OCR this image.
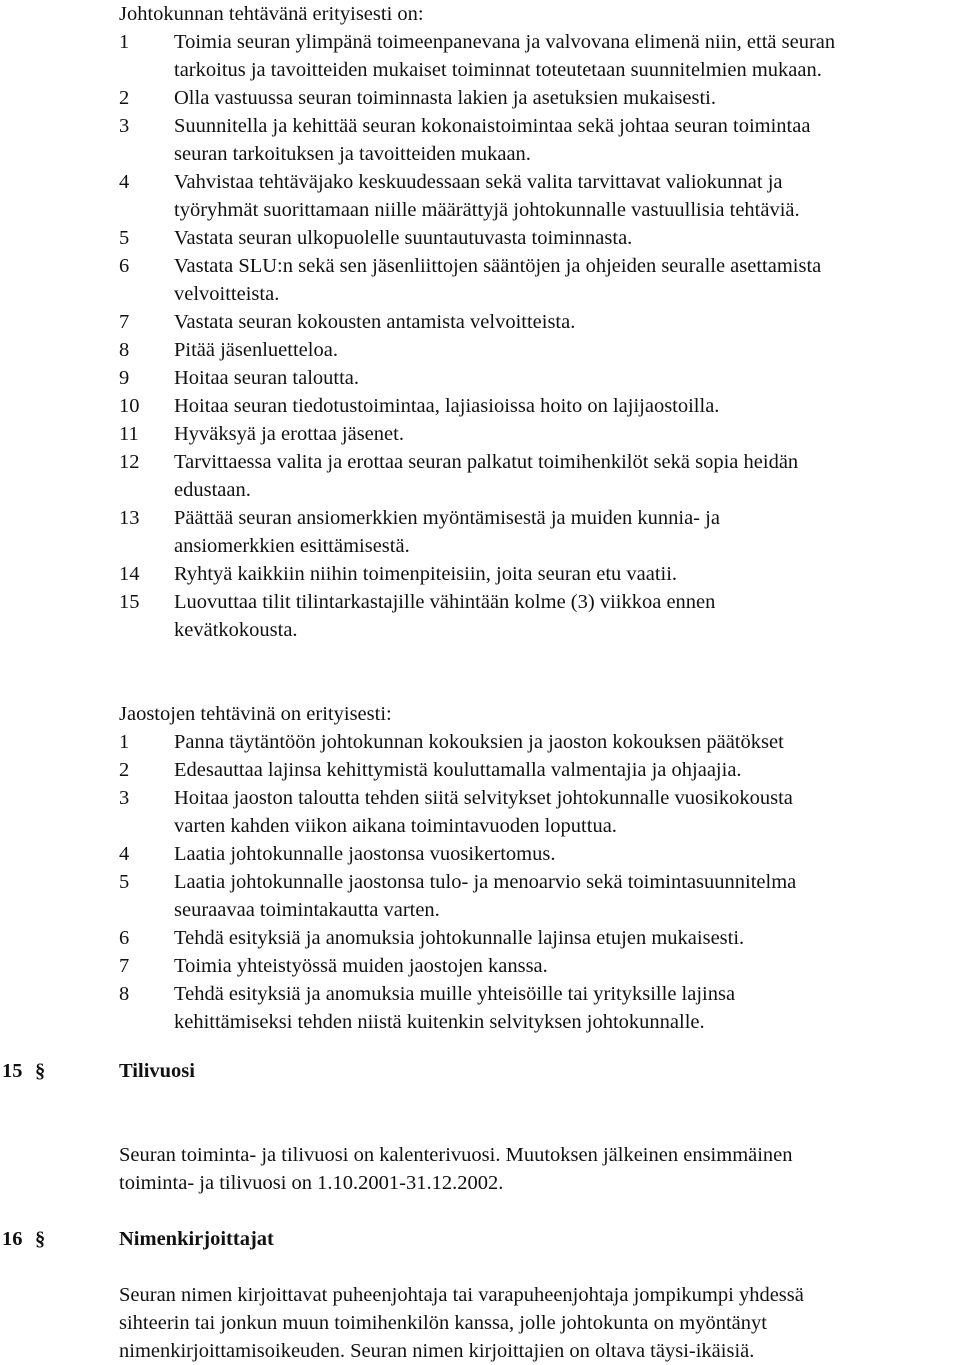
Johtokunnan tehtävänä erityisesti on:

1	Toimia seuran ylimpänä toimeenpanevana ja valvovana elimenä niin, että seuran
tarkoitus ja tavoitteiden mukaiset toiminnat toteutetaan suunnitelmien mukaan.
2	Olla vastuussa seuran toiminnasta lakien ja asetuksien mukaisesti.
3	Suunnitella ja kehittää seuran kokonaistoimintaa sekä johtaa seuran toimintaa
seuran tarkoituksen ja tavoitteiden mukaan.
4	Vahvistaa tehtäväjako keskuudessaan sekä valita tarvittavat valiokunnat ja
työryhmät suorittamaan niille määrättyjä johtokunnalle vastuullisia tehtäviä.
5	Vastata seuran ulkopuolelle suuntautuvasta toiminnasta.
6	Vastata SLU:n sekä sen jäsenliittojen sääntöjen ja ohjeiden seuralle asettamista
velvoitteista.
7	Vastata seuran kokousten antamista velvoitteista.
8	Pitää jäsenluetteloa.
9	Hoitaa seuran taloutta.
10	Hoitaa seuran tiedotustoimintaa, lajiasioissa hoito on lajijaostoilla.
11	Hyväksyä ja erottaa jäsenet.
12	Tarvittaessa valita ja erottaa seuran palkatut toimihenkilöt sekä sopia heidän
edustaan.
13	Päättää seuran ansiomerkkien myöntämisestä ja muiden kunnia- ja
ansiomerkkien esittämisestä.
14	Ryhtyä kaikkiin niihin toimenpiteisiin, joita seuran etu vaatii.
15	Luovuttaa tilit tilintarkastajille vähintään kolme (3) viikkoa ennen
kevätkokousta.

Jaostojen tehtävinä on erityisesti:

1	Panna täytäntöön johtokunnan kokouksien ja jaoston kokouksen päätökset
2	Edesauttaa lajinsa kehittymistä kouluttamalla valmentajia ja ohjaajia.
3	Hoitaa jaoston taloutta tehden siitä selvitykset johtokunnalle vuosikokousta
varten kahden viikon aikana toimintavuoden loputtua.
4	Laatia johtokunnalle jaostonsa vuosikertomus.
5	Laatia johtokunnalle jaostonsa tulo- ja menoarvio sekä toimintasuunnitelma
seuraavaa toimintakautta varten.
6	Tehdä esityksiä ja anomuksia johtokunnalle lajinsa etujen mukaisesti.
7	Toimia yhteistyössä muiden jaostojen kanssa.
8	Tehdä esityksiä ja anomuksia muille yhteisöille tai yrityksille lajinsa
kehittämiseksi tehden niistä kuitenkin selvityksen johtokunnalle.
15 §	Tilivuosi

Seuran toiminta- ja tilivuosi on kalenterivuosi. Muutoksen jälkeinen ensimmäinen
toiminta- ja tilivuosi on 1.10.2001-31.12.2002.

16 §	Nimenkirjoittajat

Seuran nimen kirjoittavat puheenjohtaja tai varapuheenjohtaja jompikumpi yhdessä
sihteerin tai jonkun muun toimihenkilön kanssa, jolle johtokunta on myöntänyt
nimenkirjoittamisoikeuden. Seuran nimen kirjoittajien on oltava täysi-ikäisiä.
